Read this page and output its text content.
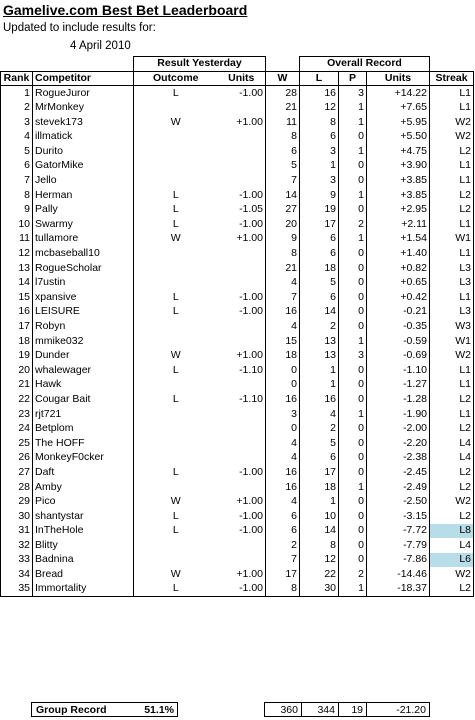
Gamelive.com Best Bet Leaderboard
Updated to include results for:
4 April 2010
		Result Yesterday			Overall Record			
Rank	Competitor	Outcome	Units	W	L	P	Units	Streak
1	RogueJuror	L	-1.00	28	16	3	+14.22	L1
2	MrMonkey			21	12	1	+7.65	L1
3	stevek173	W	+1.00	11	8	1	+5.95	W2
4	illmatick			8	6	0	+5.50	W2
5	Durito			6	3	1	+4.75	L2
6	GatorMike			5	1	0	+3.90	L1
7	Jello			7	3	0	+3.85	L1
8	Herman	L	-1.00	14	9	1	+3.85	L2
9	Pally	L	-1.05	27	19	0	+2.95	L2
10	Swarmy	L	-1.00	20	17	2	+2.11	L1
11	tullamore	W	+1.00	9	6	1	+1.54	W1
12	mcbaseball10			8	6	0	+1.40	L1
13	RogueScholar			21	18	0	+0.82	L3
14	l7ustin			4	5	0	+0.65	L3
15	xpansive	L	-1.00	7	6	0	+0.42	L1
16	LEISURE	L	-1.00	16	14	0	-0.21	L3
17	Robyn			4	2	0	-0.35	W3
18	mmike032			15	13	1	-0.59	W1
19	Dunder	W	+1.00	18	13	3	-0.69	W2
20	whalewager	L	-1.10	0	1	0	-1.10	L1
21	Hawk			0	1	0	-1.27	L1
22	Cougar Bait	L	-1.10	16	16	0	-1.28	L2
23	rjt721			3	4	1	-1.90	L1
24	Betplom			0	2	0	-2.00	L2
25	The HOFF			4	5	0	-2.20	L4
26	MonkeyF0cker			4	6	0	-2.38	L4
27	Daft	L	-1.00	16	17	0	-2.45	L2
28	Amby			16	18	1	-2.49	L2
29	Pico	W	+1.00	4	1	0	-2.50	W2
30	shantystar	L	-1.00	6	10	0	-3.15	L2
31	InTheHole	L	-1.00	6	14	0	-7.72	L8
32	Blitty			2	8	0	-7.79	L4
33	Badnina			7	12	0	-7.86	L6
34	Bread	W	+1.00	17	22	2	-14.46	W2
35	Immortality	L	-1.00	8	30	1	-18.37	L2
Group Record	51.1%	360 344 19	-21.20
